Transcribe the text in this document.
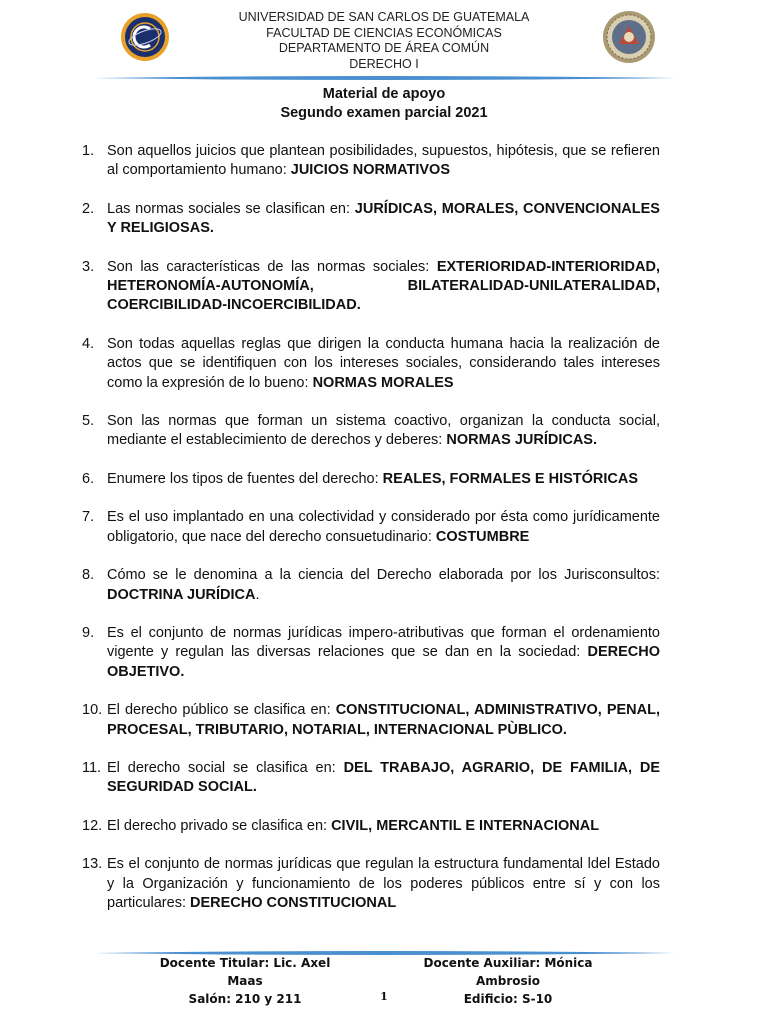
UNIVERSIDAD DE SAN CARLOS DE GUATEMALA
FACULTAD DE CIENCIAS ECONÓMICAS
DEPARTAMENTO DE ÁREA COMÚN
DERECHO I
Material de apoyo
Segundo examen parcial 2021
1. Son aquellos juicios que plantean posibilidades, supuestos, hipótesis, que se refieren al comportamiento humano: JUICIOS NORMATIVOS
2. Las normas sociales se clasifican en: JURÍDICAS, MORALES, CONVENCIONALES Y RELIGIOSAS.
3. Son las características de las normas sociales: EXTERIORIDAD-INTERIORIDAD, HETERONOMÍA-AUTONOMÍA, BILATERALIDAD-UNILATERALIDAD, COERCIBILIDAD-INCOERCIBILIDAD.
4. Son todas aquellas reglas que dirigen la conducta humana hacia la realización de actos que se identifiquen con los intereses sociales, considerando tales intereses como la expresión de lo bueno: NORMAS MORALES
5. Son las normas que forman un sistema coactivo, organizan la conducta social, mediante el establecimiento de derechos y deberes: NORMAS JURÍDICAS.
6. Enumere los tipos de fuentes del derecho: REALES, FORMALES E HISTÓRICAS
7. Es el uso implantado en una colectividad y considerado por ésta como jurídicamente obligatorio, que nace del derecho consuetudinario: COSTUMBRE
8. Cómo se le denomina a la ciencia del Derecho elaborada por los Jurisconsultos: DOCTRINA JURÍDICA.
9. Es el conjunto de normas jurídicas impero-atributivas que forman el ordenamiento vigente y regulan las diversas relaciones que se dan en la sociedad: DERECHO OBJETIVO.
10. El derecho público se clasifica en: CONSTITUCIONAL, ADMINISTRATIVO, PENAL, PROCESAL, TRIBUTARIO, NOTARIAL, INTERNACIONAL PÙBLICO.
11. El derecho social se clasifica en: DEL TRABAJO, AGRARIO, DE FAMILIA, DE SEGURIDAD SOCIAL.
12. El derecho privado se clasifica en: CIVIL, MERCANTIL E INTERNACIONAL
13. Es el conjunto de normas jurídicas que regulan la estructura fundamental ldel Estado y la Organización y funcionamiento de los poderes públicos entre sí y con los particulares: DERECHO CONSTITUCIONAL
Docente Titular: Lic. Axel Maas
Salón: 210 y 211
Docente Auxiliar: Mónica Ambrosio
Edificio: S-10
1
